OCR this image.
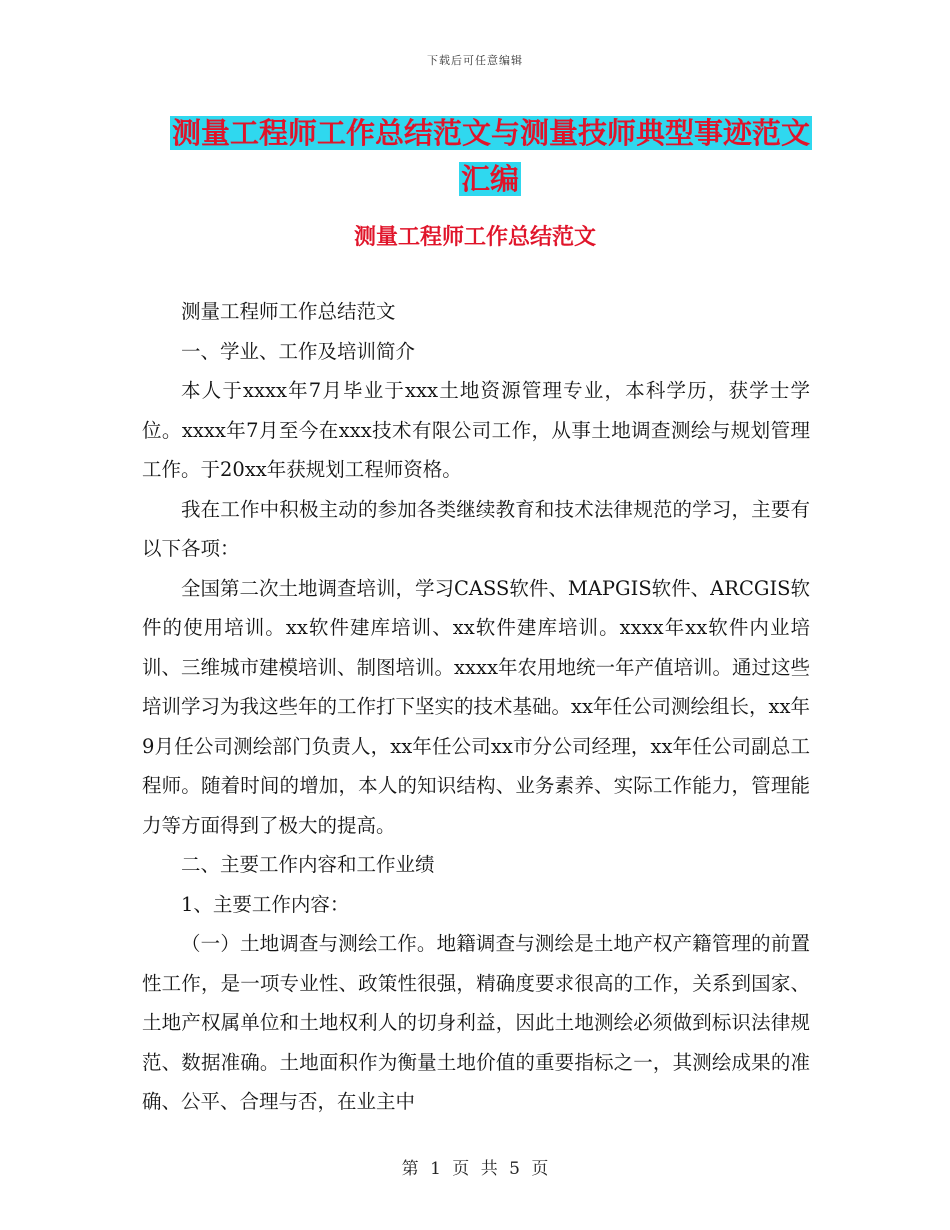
下载后可任意编辑
测量工程师工作总结范文与测量技师典型事迹范文汇编
测量工程师工作总结范文

测量工程师工作总结范文

一、学业、工作及培训简介

本人于xxxx年7月毕业于xxx土地资源管理专业，本科学历，获学士学位。xxxx年7月至今在xxx技术有限公司工作，从事土地调查测绘与规划管理工作。于20xx年获规划工程师资格。

我在工作中积极主动的参加各类继续教育和技术法律规范的学习，主要有以下各项：

全国第二次土地调查培训，学习CASS软件、MAPGIS软件、ARCGIS软件的使用培训。xx软件建库培训、xx软件建库培训。xxxx年xx软件内业培训、三维城市建模培训、制图培训。xxxx年农用地统一年产值培训。通过这些培训学习为我这些年的工作打下坚实的技术基础。xx年任公司测绘组长，xx年9月任公司测绘部门负责人，xx年任公司xx市分公司经理，xx年任公司副总工程师。随着时间的增加，本人的知识结构、业务素养、实际工作能力，管理能力等方面得到了极大的提高。

二、主要工作内容和工作业绩

1、主要工作内容：

（一）土地调查与测绘工作。地籍调查与测绘是土地产权产籍管理的前置性工作，是一项专业性、政策性很强，精确度要求很高的工作，关系到国家、土地产权属单位和土地权利人的切身利益，因此土地测绘必须做到标识法律规范、数据准确。土地面积作为衡量土地价值的重要指标之一，其测绘成果的准确、公平、合理与否，在业主中

第 1 页 共 5 页
